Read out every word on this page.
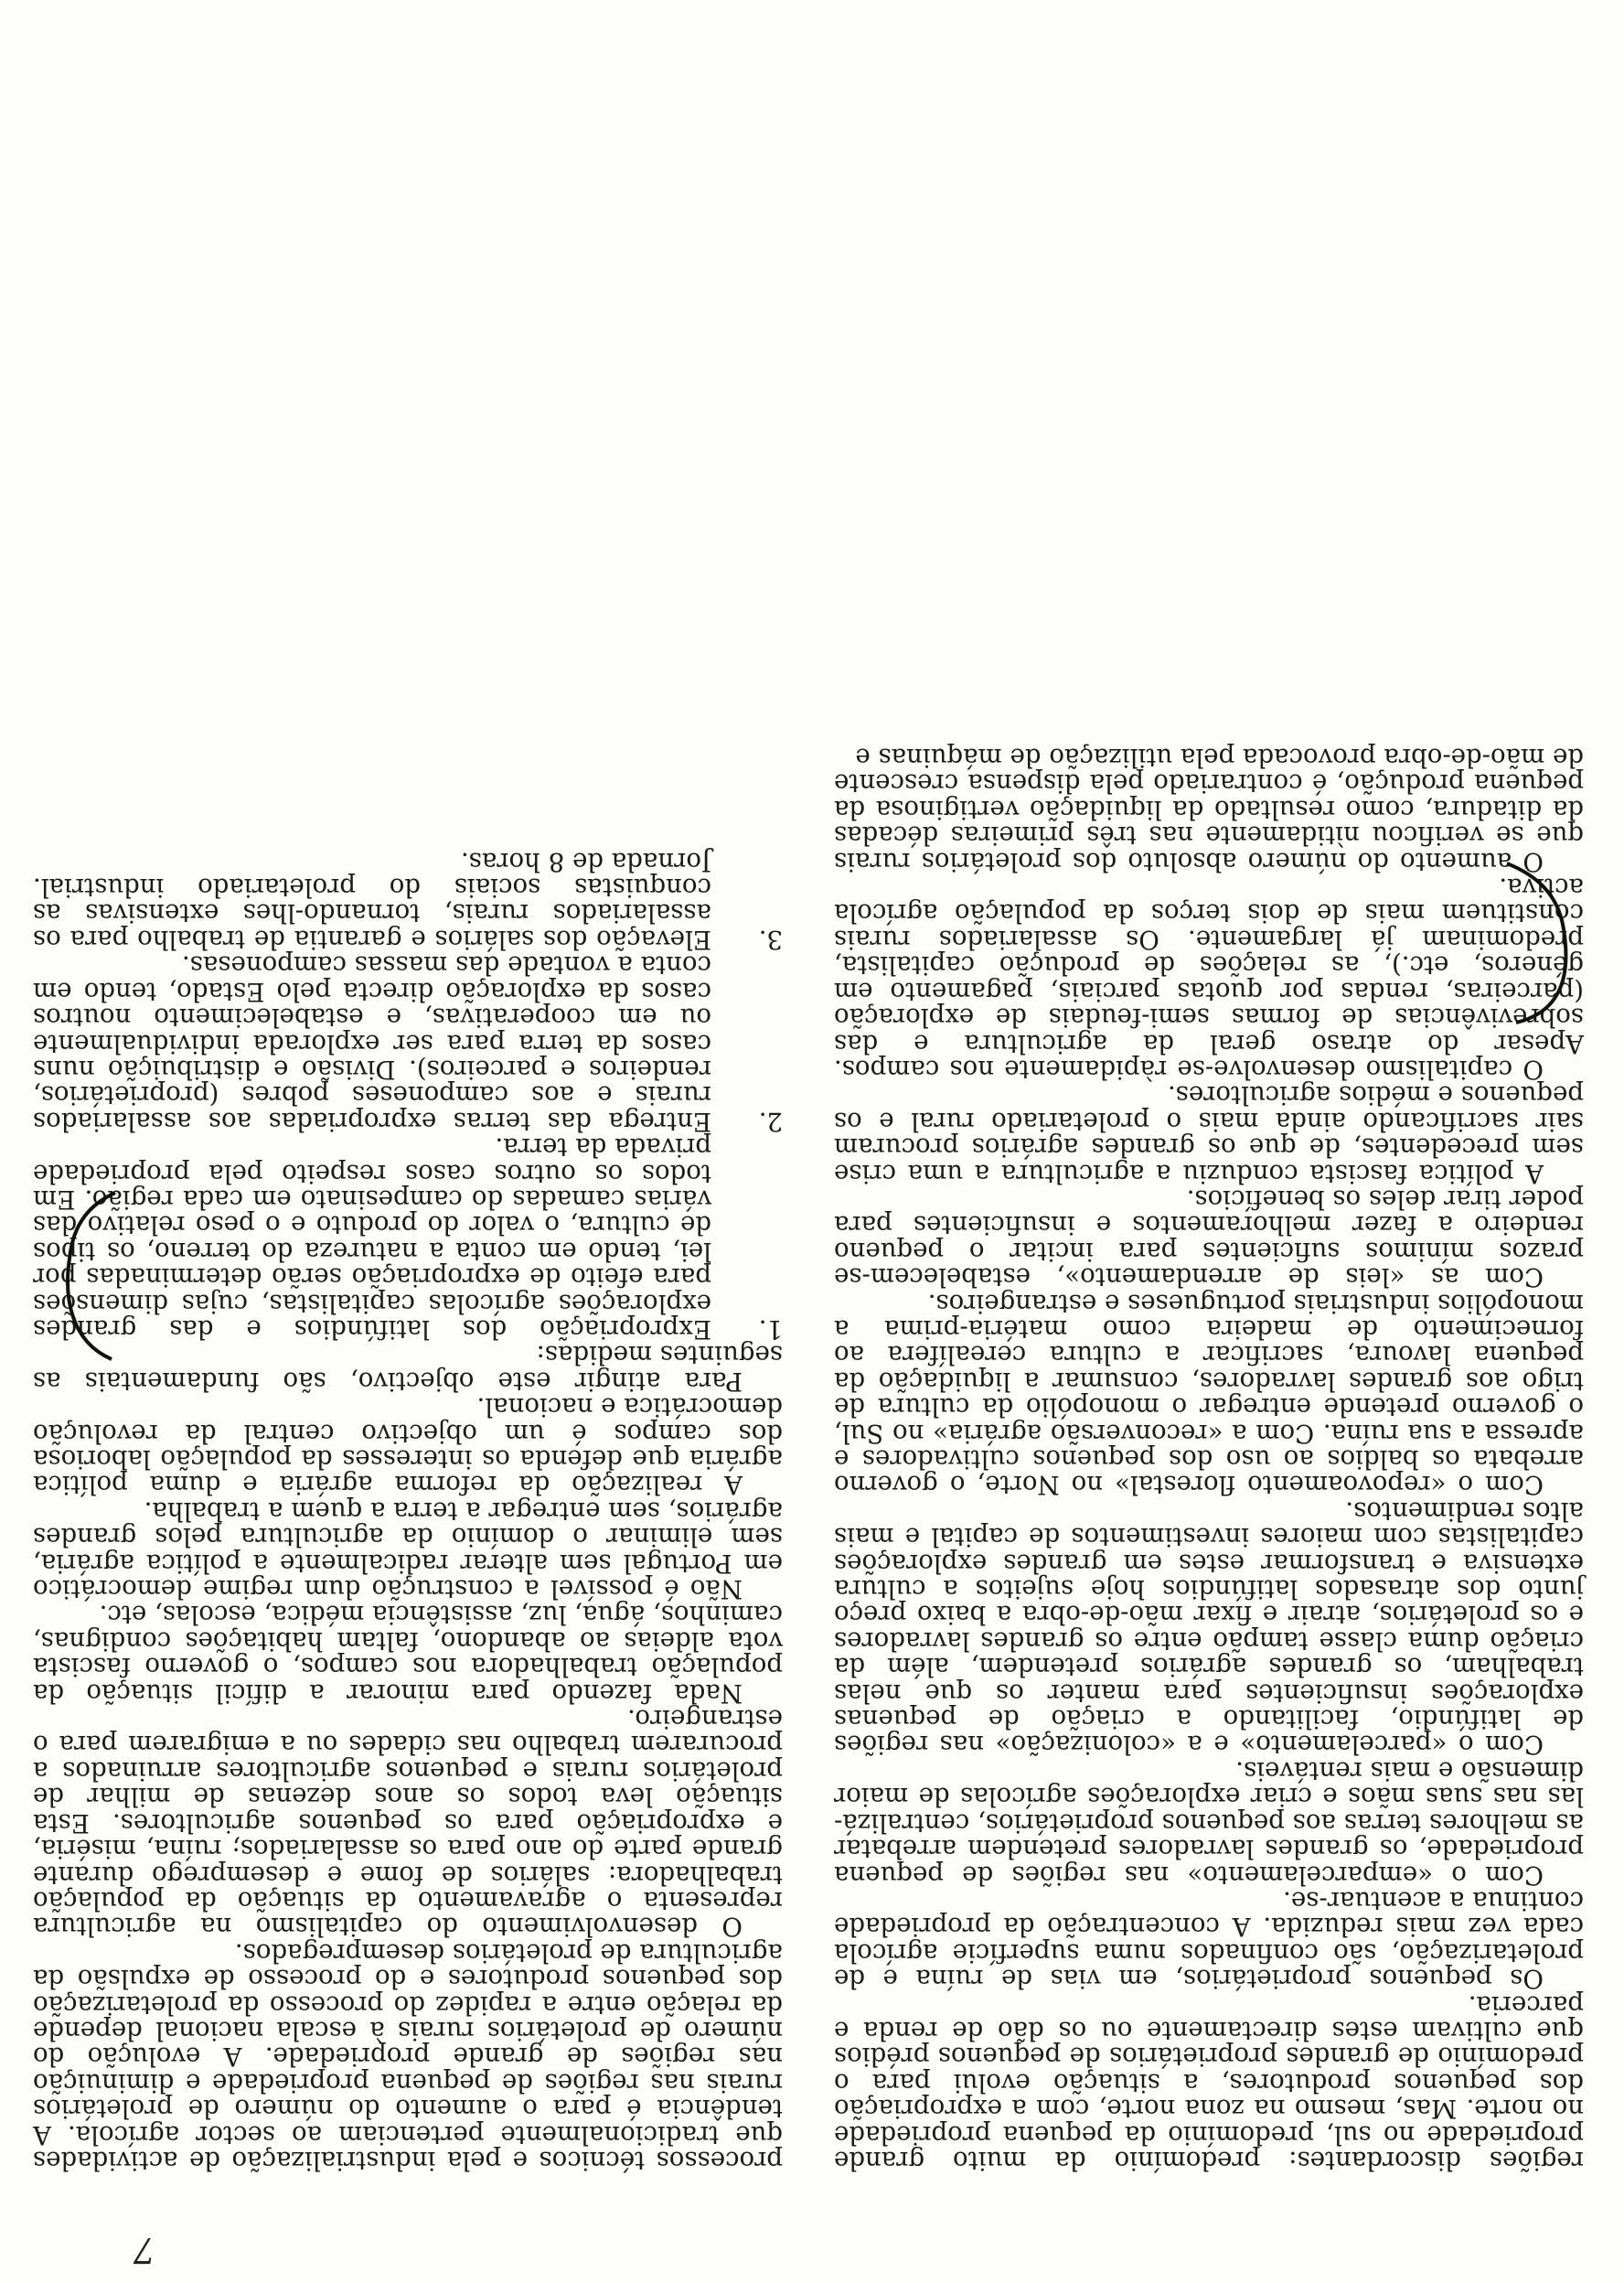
7

regiões discordantes: predomínio da muito grande propriedade no sul, predomínio da pequena propriedade no norte. Mas, mesmo na zona norte, com a expropriação dos pequenos produtores, a situação evolui para o predomínio de grandes proprietários de pequenos prédios que cultivam estes directamente ou os dão de renda e parceria.

Os pequenos proprietários, em vias de ruína e de proletarização, são confinados numa superfície agrícola cada vez mais reduzida. A concentração da propriedade continua a acentuar-se.

Com o «emparcelamento» nas regiões de pequena propriedade, os grandes lavradores pretendem arrebatar as melhores terras aos pequenos proprietários, centralizá-las nas suas mãos e criar explorações agrícolas de maior dimensão e mais rentáveis.

Com o «parcelamento» e a «colonização» nas regiões de latifúndio, facilitando a criação de pequenas explorações insuficientes para manter os que nelas trabalham, os grandes agrários pretendem, além da criação duma classe tampão entre os grandes lavradores e os proletários, atrair e fixar mão-de-obra a baixo preço junto dos atrasados latifúndios hoje sujeitos a cultura extensiva e transformar estes em grandes explorações capitalistas com maiores investimentos de capital e mais altos rendimentos.

Com o «repovoamento florestal» no Norte, o governo arrebata os baldios ao uso dos pequenos cultivadores e apressa a sua ruína. Com a «reconversão agrária» no Sul, o governo pretende entregar o monopólio da cultura de trigo aos grandes lavradores, consumar a liquidação da pequena lavoura, sacrificar a cultura cerealífera ao fornecimento de madeira como matéria-prima a monopólios industriais portugueses e estrangeiros.

Com as «leis de arrendamento», estabelecem-se prazos mínimos suficientes para incitar o pequeno rendeiro a fazer melhoramentos e insuficientes para poder tirar deles os benefícios.

A política fascista conduziu a agricultura a uma crise sem precedentes, de que os grandes agrários procuram sair sacrificando ainda mais o proletariado rural e os pequenos e médios agricultores.

O capitalismo desenvolve-se ràpidamente nos campos. Apesar do atraso geral da agricultura e das sobrevivências de formas semi-feudais de exploração (parceiras, rendas por quotas parciais, pagamento em géneros, etc.), as relações de produção capitalista, predominam já largamente. Os assalariados rurais constituem mais de dois terços da população agrícola activa.

O aumento do número absoluto dos proletários rurais que se verificou nìtidamente nas três primeiras décadas da ditadura, como resultado da liquidação vertiginosa da pequena produção, é contrariado pela dispensa crescente de mão-de-obra provocada pela utilização de máquinas e

processos técnicos e pela industrialização de actividades que tradicionalmente pertenciam ao sector agrícola. A tendência é para o aumento do número de proletários rurais nas regiões de pequena propriedade e diminuição nas regiões de grande propriedade. A evolução do número de proletários rurais à escala nacional depende da relação entre a rapidez do processo da proletarização dos pequenos produtores e do processo de expulsão da agricultura de proletários desempregados.

O desenvolvimento do capitalismo na agricultura representa o agravamento da situação da população trabalhadora: salários de fome e desemprego durante grande parte do ano para os assalariados; ruína, miséria, e expropriação para os pequenos agricultores. Esta situação leva todos os anos dezenas de milhar de proletários rurais e pequenos agricultores arruinados a procurarem trabalho nas cidades ou a emigrarem para o estrangeiro.

Nada fazendo para minorar a difícil situação da população trabalhadora nos campos, o governo fascista vota aldeias ao abandono, faltam habitações condignas, caminhos, água, luz, assistência médica, escolas, etc.

Não é possível a construção dum regime democrático em Portugal sem alterar radicalmente a política agrária, sem eliminar o domínio da agricultura pelos grandes agrários, sem entregar a terra a quem a trabalha.

A realização da reforma agrária e duma política agrária que defenda os interesses da população laboriosa dos campos é um objectivo central da revolução democrática e nacional.

Para atingir este objectivo, são fundamentais as seguintes medidas:

1.
Expropriação dos latifúndios e das grandes explorações agrícolas capitalistas, cujas dimensões para efeito de expropriação serão determinadas por lei, tendo em conta a natureza do terreno, os tipos de cultura, o valor do produto e o peso relativo das várias camadas do campesinato em cada região. Em todos os outros casos respeito pela propriedade privada da terra.

2.
Entrega das terras expropriadas aos assalariados rurais e aos camponeses pobres (proprietários, rendeiros e parceiros). Divisão e distribuição nuns casos da terra para ser explorada individualmente ou em cooperativas, e estabelecimento noutros casos da exploração directa pelo Estado, tendo em conta a vontade das massas camponesas.

3.
Elevação dos salários e garantia de trabalho para os assalariados rurais, tornando-lhes extensivas as conquistas sociais do proletariado industrial. Jornada de 8 horas.
